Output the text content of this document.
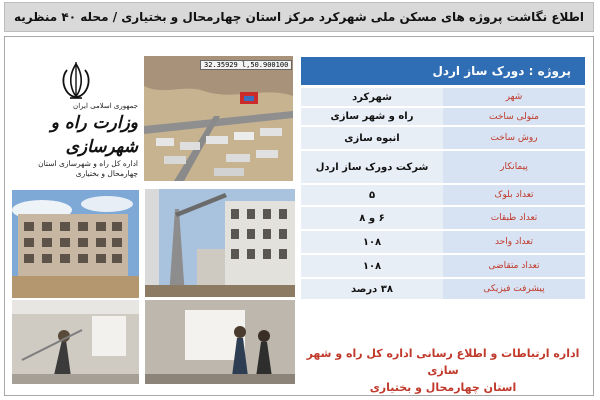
اطلاع نگاشت پروژه های مسکن ملی شهرکرد مرکز استان چهارمحال و بختیاری / محله ۴۰ منظریه
جمهوری اسلامی ایران
وزارت راه و شهرسازی
اداره کل راه و شهرسازی استان چهارمحال و بختیاری
32.35929 l,50.900100	پروژه : دورک ساز اردل
شهر	شهرکرد
متولی ساخت	راه و شهر سازی
روش ساخت	انبوه سازی
پیمانکار	شرکت دورک ساز اردل
تعداد بلوک	۵
تعداد طبقات	۶ و ۸
تعداد واحد	۱۰۸
تعداد متقاضی	۱۰۸
پیشرفت فیزیکی	۳۸ درصد
اداره ارتباطات و اطلاع رسانی اداره کل راه و شهر سازی
استان چهارمحال و بختیاری
